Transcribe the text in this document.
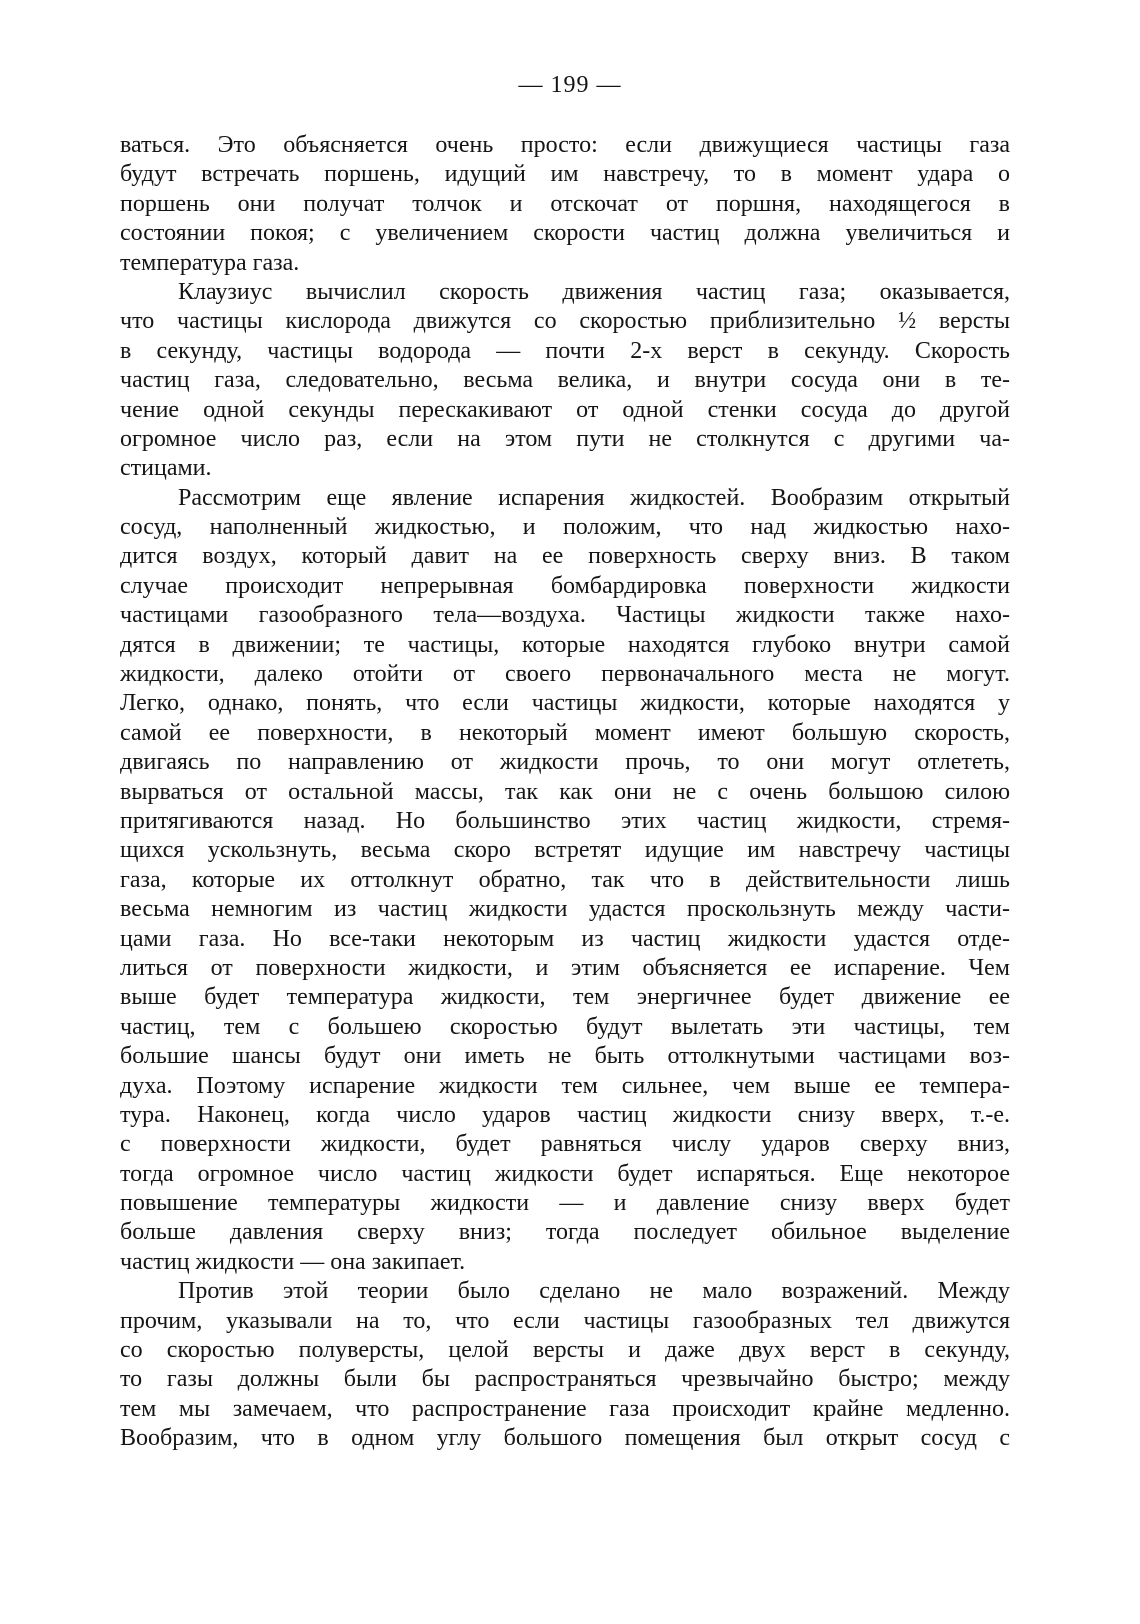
— 199 —
ваться. Это объясняется очень просто: если движущиеся частицы газа
будут встречать поршень, идущий им навстречу, то в момент удара о
поршень они получат толчок и отскочат от поршня, находящегося в
состоянии покоя; с увеличением скорости частиц должна увеличиться и
температура газа.
Клаузиус вычислил скорость движения частиц газа; оказывается,
что частицы кислорода движутся со скоростью приблизительно ½ версты
в секунду, частицы водорода — почти 2-х верст в секунду. Скорость
частиц газа, следовательно, весьма велика, и внутри сосуда они в те-
чение одной секунды перескакивают от одной стенки сосуда до другой
огромное число раз, если на этом пути не столкнутся с другими ча-
стицами.
Рассмотрим еще явление испарения жидкостей. Вообразим открытый
сосуд, наполненный жидкостью, и положим, что над жидкостью нахо-
дится воздух, который давит на ее поверхность сверху вниз. В таком
случае происходит непрерывная бомбардировка поверхности жидкости
частицами газообразного тела—воздуха. Частицы жидкости также нахо-
дятся в движении; те частицы, которые находятся глубоко внутри самой
жидкости, далеко отойти от своего первоначального места не могут.
Легко, однако, понять, что если частицы жидкости, которые находятся у
самой ее поверхности, в некоторый момент имеют большую скорость,
двигаясь по направлению от жидкости прочь, то они могут отлететь,
вырваться от остальной массы, так как они не с очень большою силою
притягиваются назад. Но большинство этих частиц жидкости, стремя-
щихся ускользнуть, весьма скоро встретят идущие им навстречу частицы
газа, которые их оттолкнут обратно, так что в действительности лишь
весьма немногим из частиц жидкости удастся проскользнуть между части-
цами газа. Но все-таки некоторым из частиц жидкости удастся отде-
литься от поверхности жидкости, и этим объясняется ее испарение. Чем
выше будет температура жидкости, тем энергичнее будет движение ее
частиц, тем с большею скоростью будут вылетать эти частицы, тем
большие шансы будут они иметь не быть оттолкнутыми частицами воз-
духа. Поэтому испарение жидкости тем сильнее, чем выше ее темпера-
тура. Наконец, когда число ударов частиц жидкости снизу вверх, т.-е.
с поверхности жидкости, будет равняться числу ударов сверху вниз,
тогда огромное число частиц жидкости будет испаряться. Еще некоторое
повышение температуры жидкости — и давление снизу вверх будет
больше давления сверху вниз; тогда последует обильное выделение
частиц жидкости — она закипает.
Против этой теории было сделано не мало возражений. Между
прочим, указывали на то, что если частицы газообразных тел движутся
со скоростью полуверсты, целой версты и даже двух верст в секунду,
то газы должны были бы распространяться чрезвычайно быстро; между
тем мы замечаем, что распространение газа происходит крайне медленно.
Вообразим, что в одном углу большого помещения был открыт сосуд с
